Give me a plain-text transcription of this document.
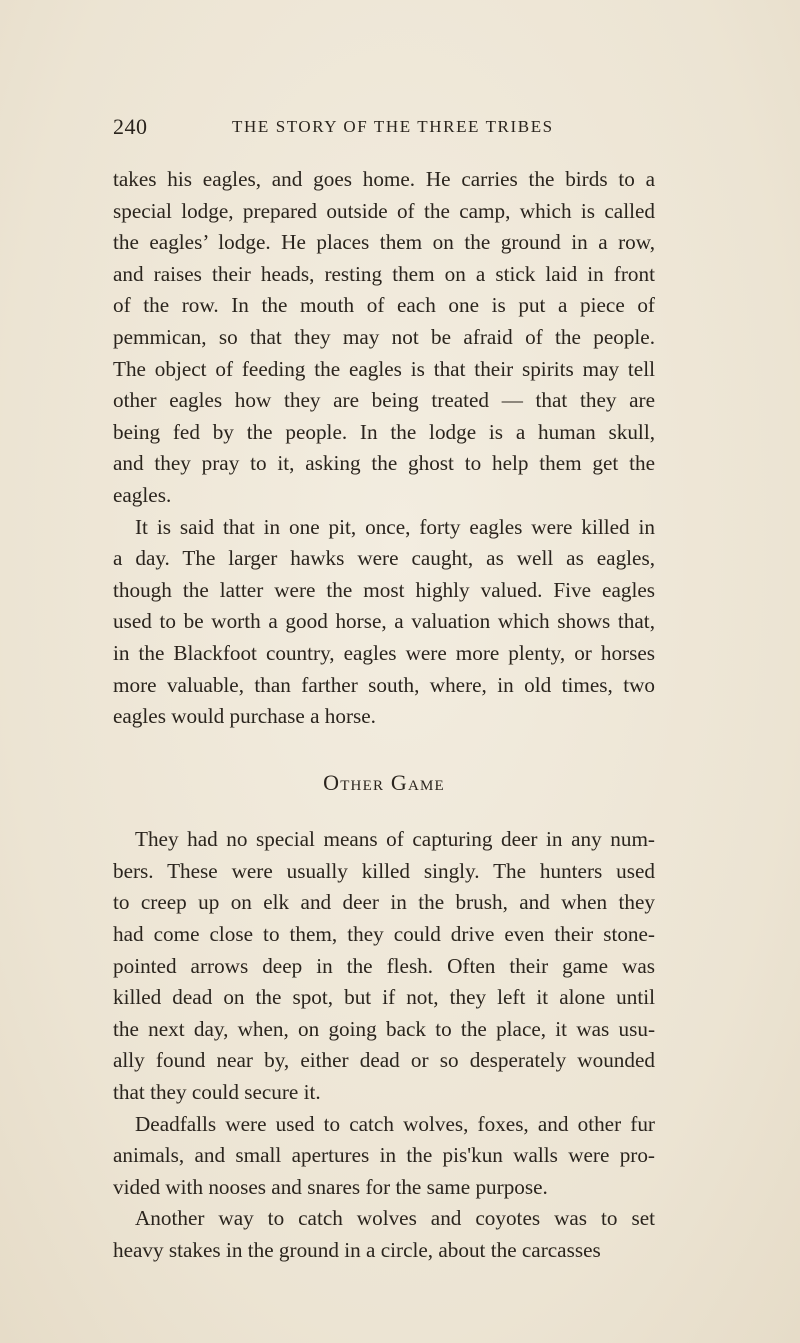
240	THE STORY OF THE THREE TRIBES
takes his eagles, and goes home. He carries the birds to a
special lodge, prepared outside of the camp, which is called
the eagles’ lodge. He places them on the ground in a row,
and raises their heads, resting them on a stick laid in front
of the row. In the mouth of each one is put a piece of
pemmican, so that they may not be afraid of the people.
The object of feeding the eagles is that their spirits may tell
other eagles how they are being treated — that they are
being fed by the people. In the lodge is a human skull,
and they pray to it, asking the ghost to help them get the
eagles.
It is said that in one pit, once, forty eagles were killed in
a day. The larger hawks were caught, as well as eagles,
though the latter were the most highly valued. Five eagles
used to be worth a good horse, a valuation which shows that,
in the Blackfoot country, eagles were more plenty, or horses
more valuable, than farther south, where, in old times, two
eagles would purchase a horse.
Other Game
They had no special means of capturing deer in any num-
bers. These were usually killed singly. The hunters used
to creep up on elk and deer in the brush, and when they
had come close to them, they could drive even their stone-
pointed arrows deep in the flesh. Often their game was
killed dead on the spot, but if not, they left it alone until
the next day, when, on going back to the place, it was usu-
ally found near by, either dead or so desperately wounded
that they could secure it.
Deadfalls were used to catch wolves, foxes, and other fur
animals, and small apertures in the pis'kun walls were pro-
vided with nooses and snares for the same purpose.
Another way to catch wolves and coyotes was to set
heavy stakes in the ground in a circle, about the carcasses
